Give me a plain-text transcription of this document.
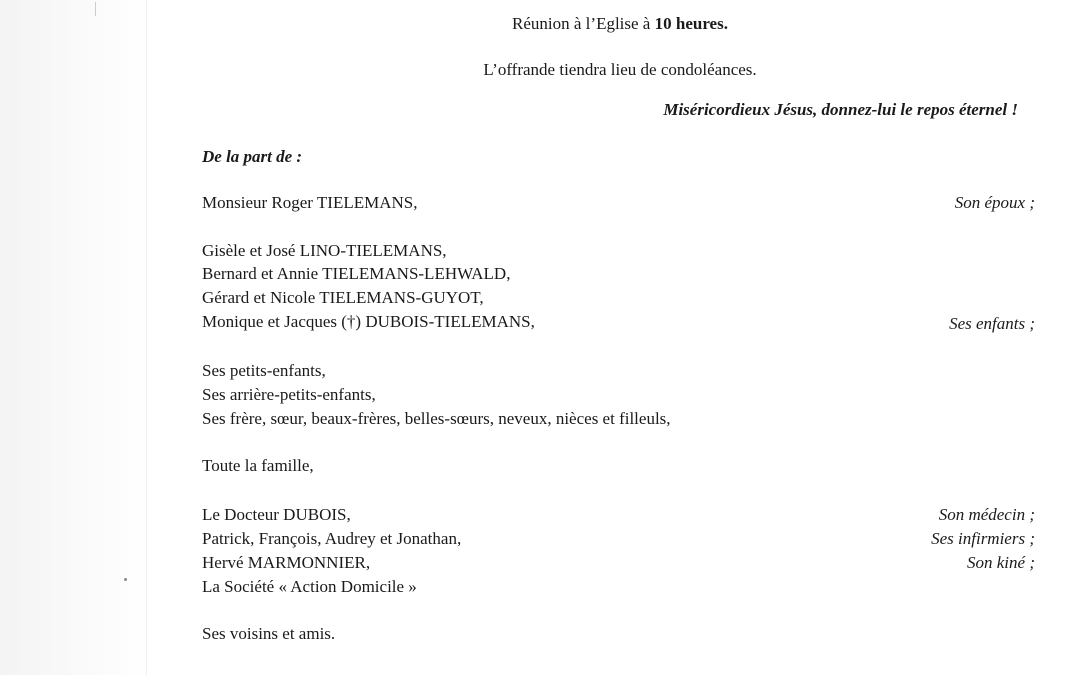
Réunion à l’Eglise à 10 heures.
L’offrande tiendra lieu de condoléances.
Miséricordieux Jésus, donnez-lui le repos éternel !
De la part de :
Monsieur Roger TIELEMANS,	Son époux ;
Gisèle et José LINO-TIELEMANS,
Bernard et Annie TIELEMANS-LEHWALD,
Gérard et Nicole TIELEMANS-GUYOT,
Monique et Jacques (†) DUBOIS-TIELEMANS,	Ses enfants ;
Ses petits-enfants,
Ses arrière-petits-enfants,
Ses frère, sœur, beaux-frères, belles-sœurs, neveux, nièces et filleuls,
Toute la famille,
Le Docteur DUBOIS,
Patrick, François, Audrey et Jonathan,
Hervé MARMONNIER,
La Société « Action Domicile »
Son médecin ;
Ses infirmiers ;
Son kiné ;
Ses voisins et amis.
